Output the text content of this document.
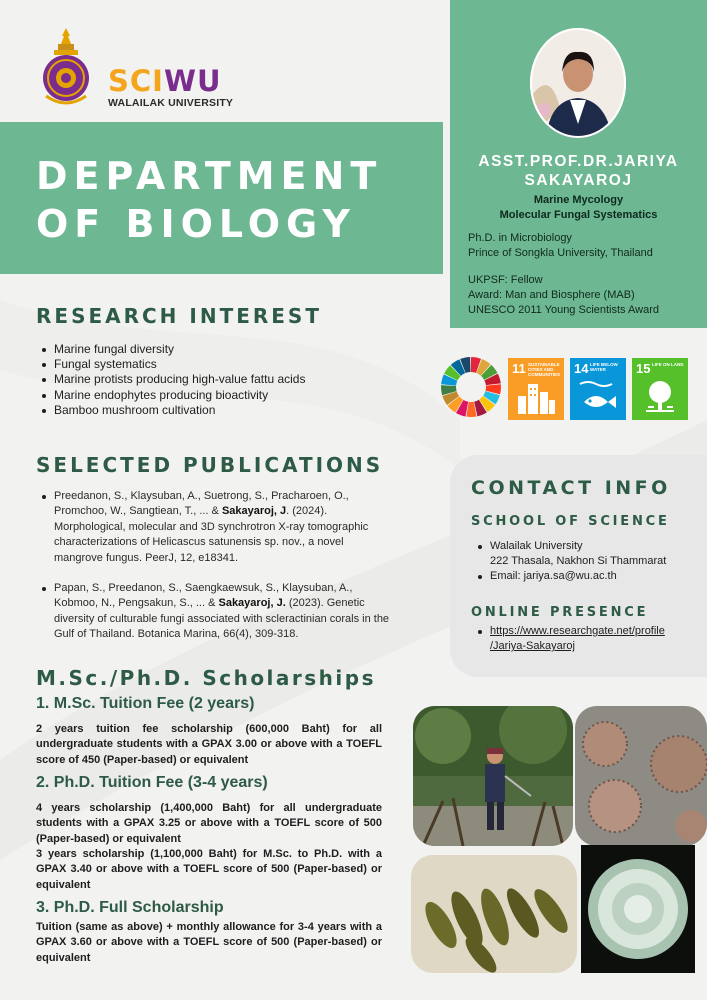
SCIWU
WALAILAK UNIVERSITY
DEPARTMENT
OF BIOLOGY
ASST.PROF.DR.JARIYA SAKAYAROJ
Marine Mycology
Molecular Fungal Systematics
Ph.D. in Microbiology
Prince of Songkla University, Thailand
UKPSF: Fellow
Award: Man and Biosphere (MAB)
UNESCO 2011 Young Scientists Award
11 SUSTAINABLE CITIES AND COMMUNITIES 14 LIFE BELOW WATER	15 LIFE ON LAND
RESEARCH INTEREST
Marine fungal diversity
Fungal systematics
Marine protists producing high-value fattu acids
Marine endophytes producing bioactivity
Bamboo mushroom cultivation
SELECTED PUBLICATIONS
Preedanon, S., Klaysuban, A., Suetrong, S., Pracharoen, O., Promchoo, W., Sangtiean, T., ... & Sakayaroj, J. (2024). Morphological, molecular and 3D synchrotron X-ray tomographic characterizations of Helicascus satunensis sp. nov., a novel mangrove fungus. PeerJ, 12, e18341.
Papan, S., Preedanon, S., Saengkaewsuk, S., Klaysuban, A., Kobmoo, N., Pengsakun, S., ... & Sakayaroj, J. (2023). Genetic diversity of culturable fungi associated with scleractinian corals in the Gulf of Thailand. Botanica Marina, 66(4), 309-318.
CONTACT INFO
SCHOOL OF SCIENCE
Walailak University
222 Thasala, Nakhon Si Thammarat
Email: jariya.sa@wu.ac.th
ONLINE PRESENCE
https://www.researchgate.net/profile
/Jariya-Sakayaroj
M.Sc./Ph.D. Scholarships
1. M.Sc. Tuition Fee (2 years)
2 years tuition fee scholarship (600,000 Baht) for all undergraduate students with a GPAX 3.00 or above with a TOEFL score of 450 (Paper-based) or equivalent
2. Ph.D. Tuition Fee (3-4 years)
4 years scholarship (1,400,000 Baht) for all undergraduate students with a GPAX 3.25 or above with a TOEFL score of 500 (Paper-based) or equivalent
3 years scholarship (1,100,000 Baht) for M.Sc. to Ph.D. with a GPAX 3.40 or above with a TOEFL score of 500 (Paper-based) or equivalent
3. Ph.D. Full Scholarship
Tuition (same as above) + monthly allowance for 3-4 years with a GPAX 3.60 or above with a TOEFL score of 500 (Paper-based) or equivalent
